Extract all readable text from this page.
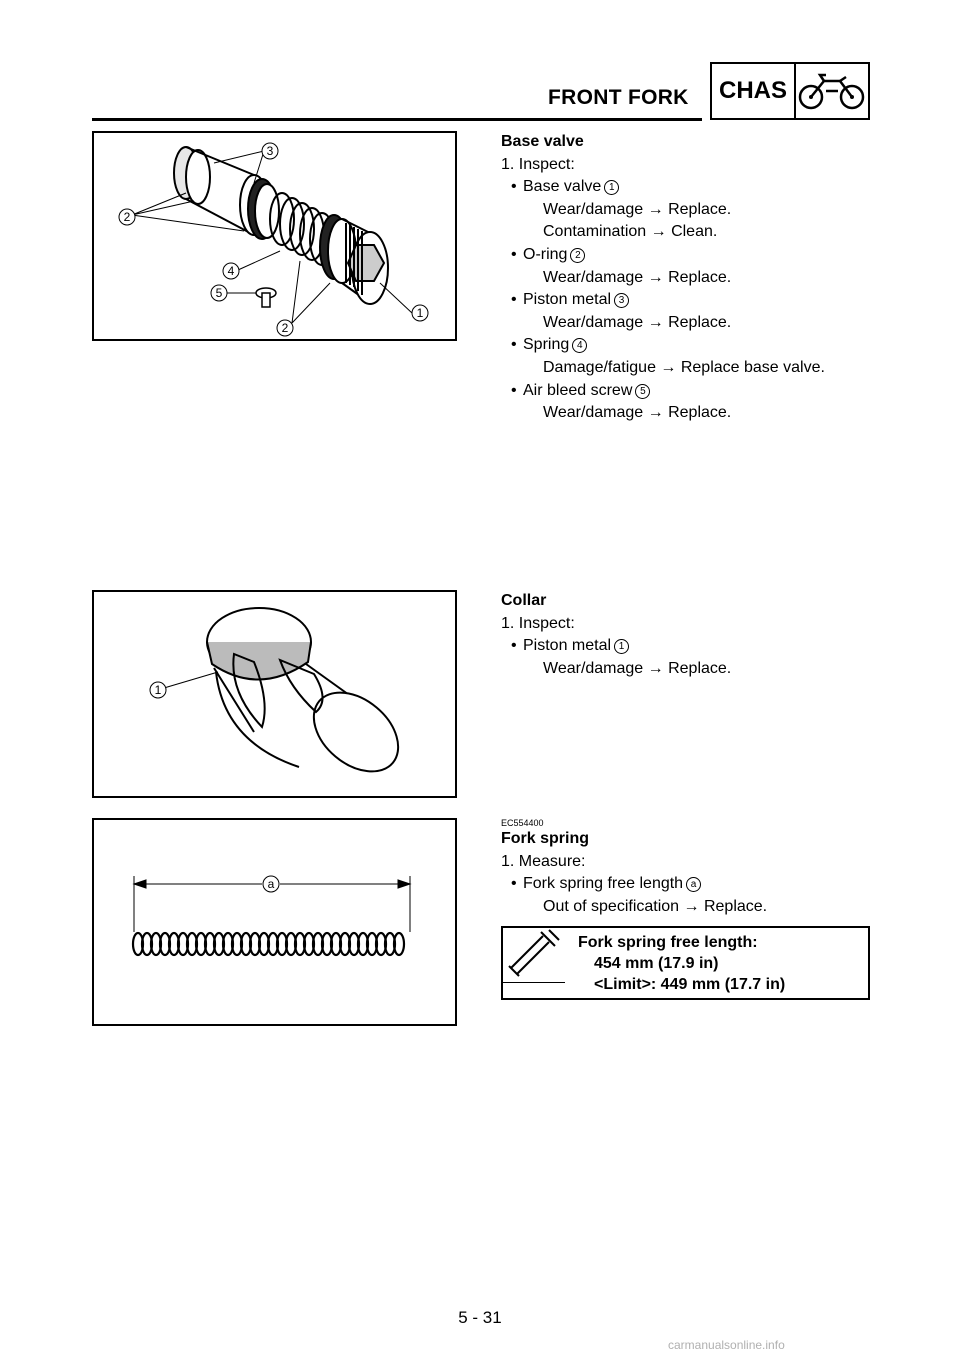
FRONT FORK CHAS
3
2
4
5
2
1
Base valve
1. Inspect:
• Base valve 1
Wear/damage → Replace.
Contamination → Clean.
• O-ring 2
Wear/damage → Replace.
• Piston metal 3
Wear/damage → Replace.
• Spring 4
Damage/fatigue → Replace base valve.
• Air bleed screw 5
Wear/damage → Replace.
1
Collar
1. Inspect:
• Piston metal 1
Wear/damage → Replace.
a
EC554400
Fork spring
1. Measure:
• Fork spring free length a
Out of specification → Replace.
Fork spring free length:
454 mm (17.9 in)
<Limit>: 449 mm (17.7 in)
5 - 31
carmanualsonline.info
